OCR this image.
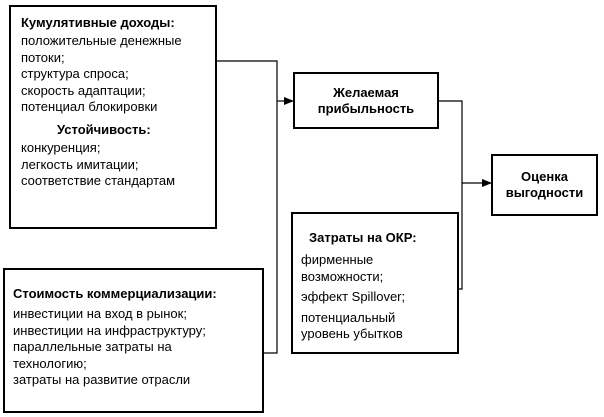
Кумулятивные доходы:
положительные денежные
потоки;
структура спроса;
скорость адаптации;
потенциал блокировки
Устойчивость:
конкуренция;
легкость имитации;
соответствие стандартам
Стоимость коммерциализации:
инвестиции на вход в рынок;
инвестиции на инфраструктуру;
параллельные затраты на
технологию;
затраты на развитие отрасли
Желаемая
прибыльность
Затраты на ОКР:
фирменные
возможности;
эффект Spillover;
потенциальный
уровень убытков
Оценка
выгодности
